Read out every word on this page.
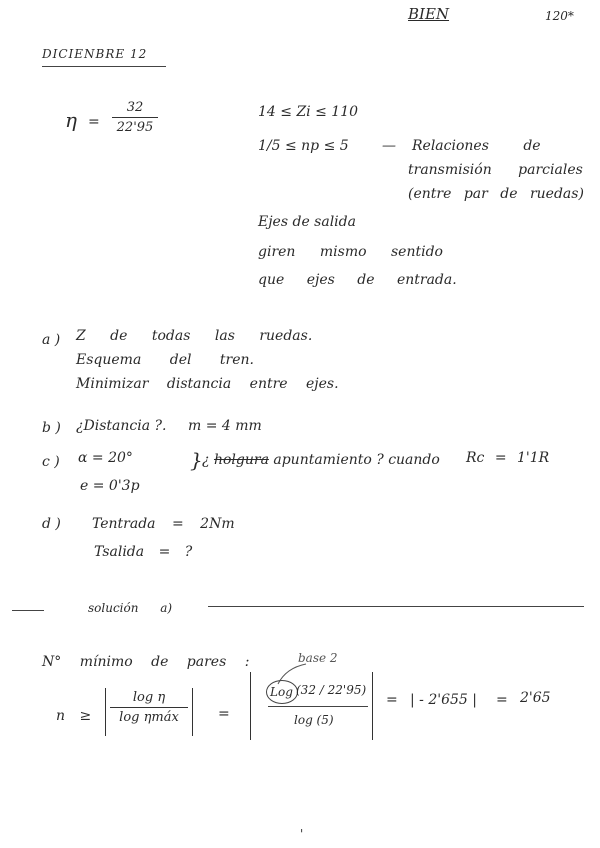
BIEN	120*
DICIENBRE 12
η =
32
22'95
14 ≤ Zi ≤ 110
1/5 ≤ np ≤ 5 — Relaciones de
transmisión parciales
(entre par de ruedas)
Ejes de salida
giren mismo sentido
que ejes de entrada.
a ) Z de todas las ruedas.
Esquema del tren.
Minimizar distancia entre ejes.
b ) ¿Distancia ?. m = 4 mm
c ) α = 20°
e = 0'3p
} ¿ holgura apuntamiento ? cuando Rc = 1'1R
d ) Tentrada = 2Nm
Tsalida = ?
solución a)
N° mínimo de pares :	base 2
n ≥
log η
log ηmáx	=
Log (32 / 22'95)
log (5)
= | - 2'655 | = 2'65
'
